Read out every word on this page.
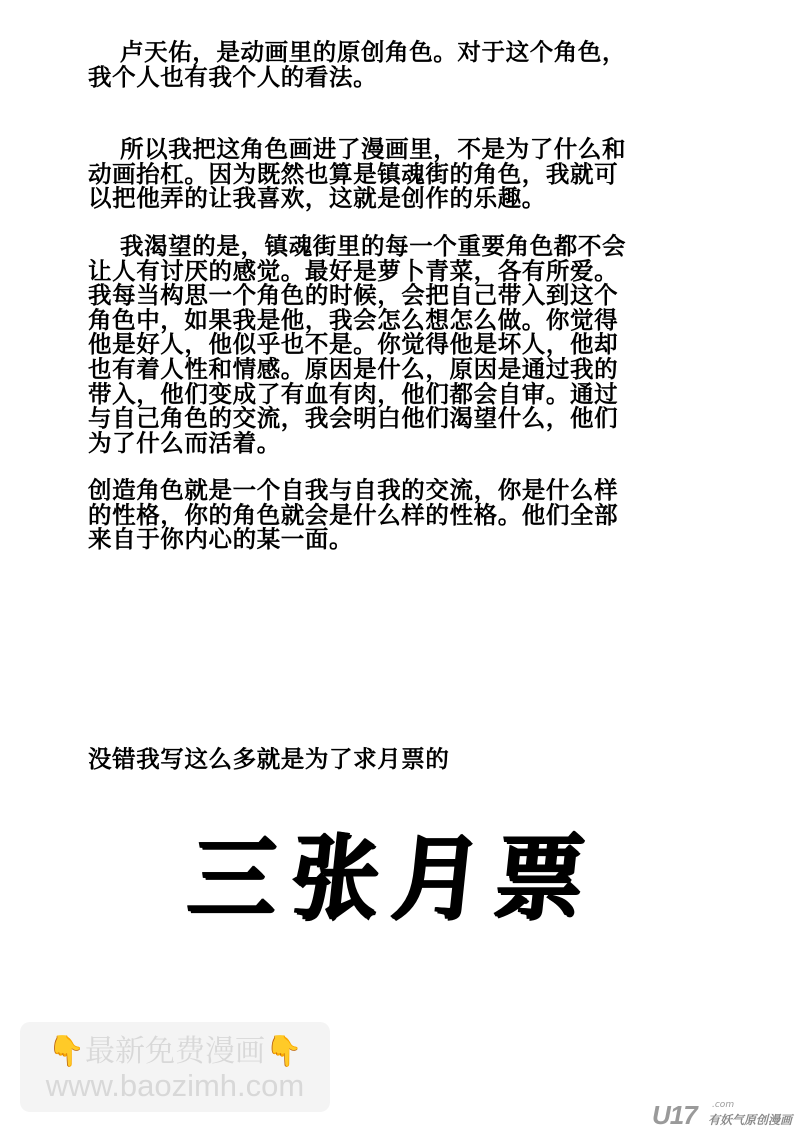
卢天佑，是动画里的原创角色。对于这个角色，
我个人也有我个人的看法。
所以我把这角色画进了漫画里，不是为了什么和
动画抬杠。因为既然也算是镇魂街的角色，我就可
以把他弄的让我喜欢，这就是创作的乐趣。
我渴望的是，镇魂街里的每一个重要角色都不会
让人有讨厌的感觉。最好是萝卜青菜，各有所爱。
我每当构思一个角色的时候，会把自己带入到这个
角色中，如果我是他，我会怎么想怎么做。你觉得
他是好人，他似乎也不是。你觉得他是坏人，他却
也有着人性和情感。原因是什么，原因是通过我的
带入，他们变成了有血有肉，他们都会自审。通过
与自己角色的交流，我会明白他们渴望什么，他们
为了什么而活着。
创造角色就是一个自我与自我的交流，你是什么样
的性格，你的角色就会是什么样的性格。他们全部
来自于你内心的某一面。
没错我写这么多就是为了求月票的
三张月票
👇最新免费漫画👇
www.baozimh.com
U17 .com
有妖气原创漫画
